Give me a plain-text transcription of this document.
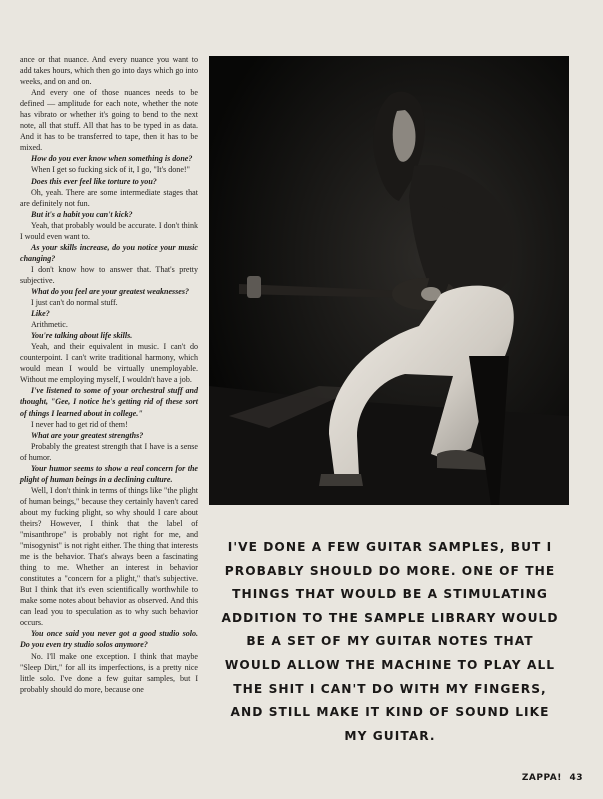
ance or that nuance. And every nuance you want to add takes hours, which then go into days which go into weeks, and on and on.

And every one of those nuances needs to be defined — amplitude for each note, whether the note has vibrato or whether it's going to bend to the next note, all that stuff. All that has to be typed in as data. And it has to be transferred to tape, then it has to be mixed.

How do you ever know when something is done?

When I get so fucking sick of it, I go, "It's done!"

Does this ever feel like torture to you?

Oh, yeah. There are some intermediate stages that are definitely not fun.

But it's a habit you can't kick?

Yeah, that probably would be accurate. I don't think I would even want to.

As your skills increase, do you notice your music changing?

I don't know how to answer that. That's pretty subjective.

What do you feel are your greatest weaknesses?

I just can't do normal stuff.

Like?

Arithmetic.

You're talking about life skills.

Yeah, and their equivalent in music. I can't do counterpoint. I can't write traditional harmony, which would mean I would be virtually unemployable. Without me employing myself, I wouldn't have a job.

I've listened to some of your orchestral stuff and thought, "Gee, I notice he's getting rid of these sort of things I learned about in college."

I never had to get rid of them!

What are your greatest strengths?

Probably the greatest strength that I have is a sense of humor.

Your humor seems to show a real concern for the plight of human beings in a declining culture.

Well, I don't think in terms of things like "the plight of human beings," because they certainly haven't cared about my fucking plight, so why should I care about theirs? However, I think that the label of "misanthrope" is probably not right for me, and "misogynist" is not right either. The thing that interests me is the behavior. That's always been a fascinating thing to me. Whether an interest in behavior constitutes a "concern for a plight," that's subjective. But I think that it's even scientifically worthwhile to make some notes about behavior as observed. And this can lead you to speculation as to why such behavior occurs.

You once said you never got a good studio solo. Do you even try studio solos anymore?

No. I'll make one exception. I think that maybe "Sleep Dirt," for all its imperfections, is a pretty nice little solo. I've done a few guitar samples, but I probably should do more, because one

I'VE DONE A FEW GUITAR SAMPLES, BUT I PROBABLY SHOULD DO MORE. ONE OF THE THINGS THAT WOULD BE A STIMULATING ADDITION TO THE SAMPLE LIBRARY WOULD BE A SET OF MY GUITAR NOTES THAT WOULD ALLOW THE MACHINE TO PLAY ALL THE SHIT I CAN'T DO WITH MY FINGERS, AND STILL MAKE IT KIND OF SOUND LIKE MY GUITAR.
ZAPPA! 43
